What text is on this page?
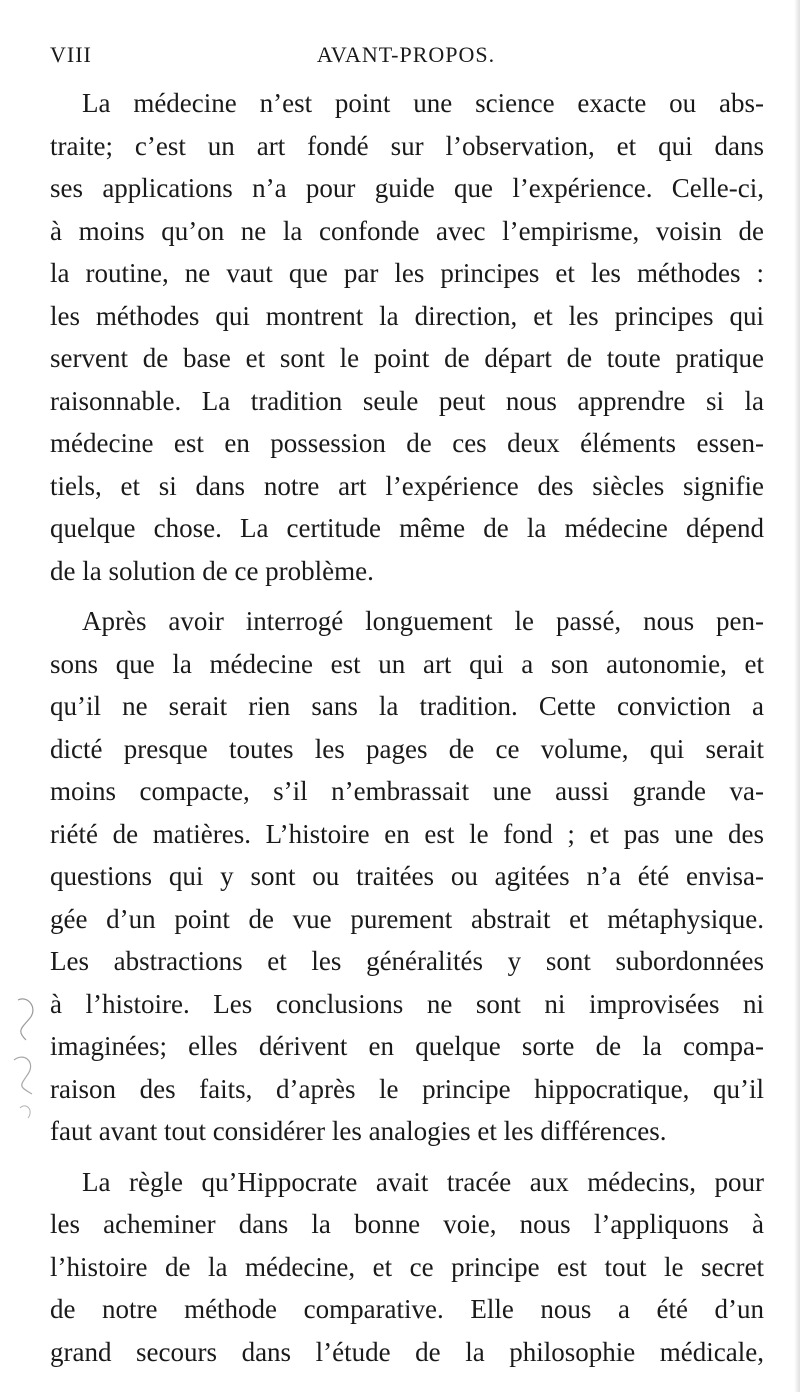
VIII	AVANT-PROPOS.

La médecine n’est point une science exacte ou abs-
traite; c’est un art fondé sur l’observation, et qui dans
ses applications n’a pour guide que l’expérience. Celle-ci,
à moins qu’on ne la confonde avec l’empirisme, voisin de
la routine, ne vaut que par les principes et les méthodes :
les méthodes qui montrent la direction, et les principes qui
servent de base et sont le point de départ de toute pratique
raisonnable. La tradition seule peut nous apprendre si la
médecine est en possession de ces deux éléments essen-
tiels, et si dans notre art l’expérience des siècles signifie
quelque chose. La certitude même de la médecine dépend
de la solution de ce problème.

Après avoir interrogé longuement le passé, nous pen-
sons que la médecine est un art qui a son autonomie, et
qu’il ne serait rien sans la tradition. Cette conviction a
dicté presque toutes les pages de ce volume, qui serait
moins compacte, s’il n’embrassait une aussi grande va-
riété de matières. L’histoire en est le fond ; et pas une des
questions qui y sont ou traitées ou agitées n’a été envisa-
gée d’un point de vue purement abstrait et métaphysique.
Les abstractions et les généralités y sont subordonnées
à l’histoire. Les conclusions ne sont ni improvisées ni
imaginées; elles dérivent en quelque sorte de la compa-
raison des faits, d’après le principe hippocratique, qu’il
faut avant tout considérer les analogies et les différences.

La règle qu’Hippocrate avait tracée aux médecins, pour
les acheminer dans la bonne voie, nous l’appliquons à
l’histoire de la médecine, et ce principe est tout le secret
de notre méthode comparative. Elle nous a été d’un
grand secours dans l’étude de la philosophie médicale,
